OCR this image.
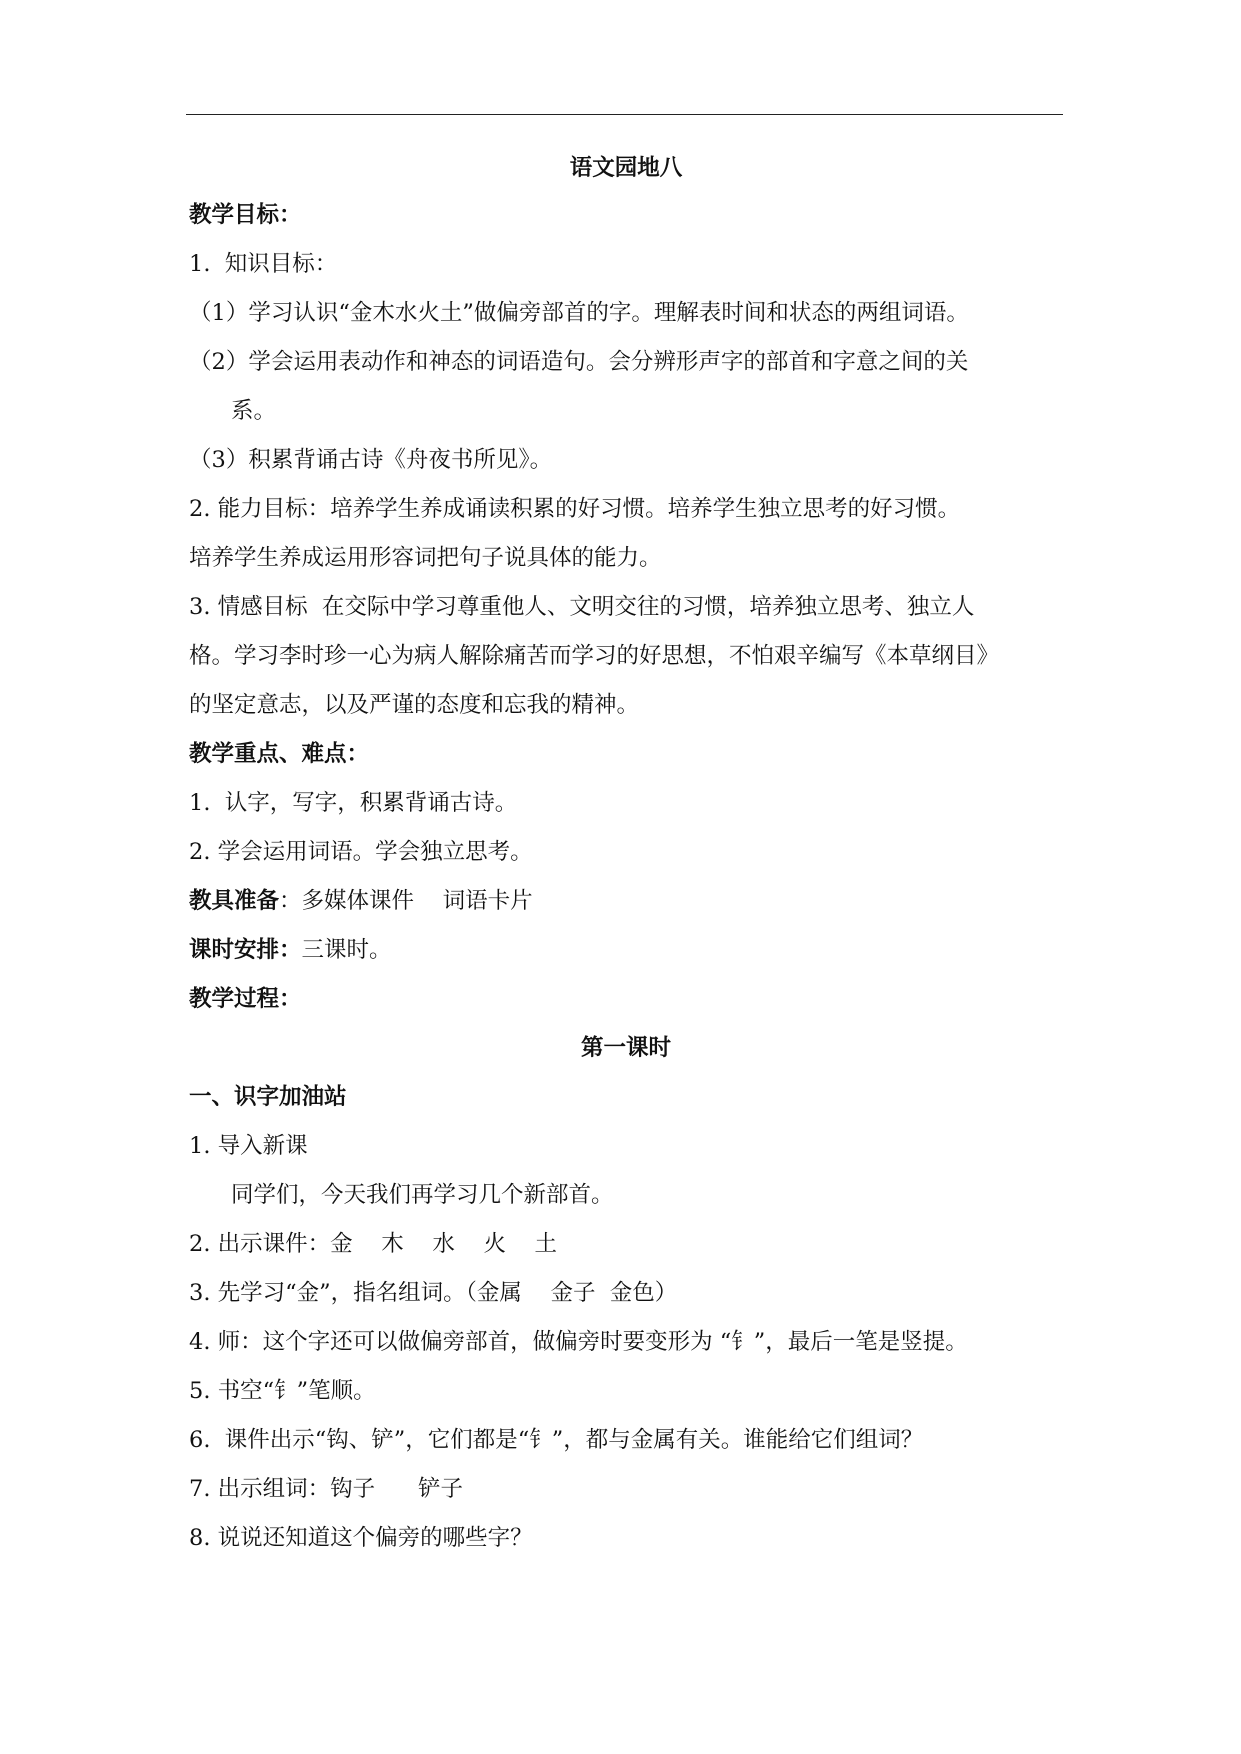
语文园地八
教学目标：
1.  知识目标：
（1）学习认识“金木水火土”做偏旁部首的字。理解表时间和状态的两组词语。
（2）学会运用表动作和神态的词语造句。会分辨形声字的部首和字意之间的关
系。
（3）积累背诵古诗《舟夜书所见》。
2. 能力目标：培养学生养成诵读积累的好习惯。培养学生独立思考的好习惯。
培养学生养成运用形容词把句子说具体的能力。
3. 情感目标  在交际中学习尊重他人、文明交往的习惯，培养独立思考、独立人
格。学习李时珍一心为病人解除痛苦而学习的好思想，不怕艰辛编写《本草纲目》
的坚定意志，以及严谨的态度和忘我的精神。
教学重点、难点：
1.  认字，写字，积累背诵古诗。
2. 学会运用词语。学会独立思考。
教具准备：多媒体课件    词语卡片
课时安排：三课时。
教学过程：
第一课时
一、识字加油站
1. 导入新课
同学们，今天我们再学习几个新部首。
2. 出示课件：金    木    水    火    土
3. 先学习“金”，指名组词。（金属    金子  金色）
4. 师：这个字还可以做偏旁部首，做偏旁时要变形为 “钅”，最后一笔是竖提。
5. 书空“钅”笔顺。
6.  课件出示“钩、铲”，它们都是“钅”，都与金属有关。谁能给它们组词？
7. 出示组词：钩子      铲子
8. 说说还知道这个偏旁的哪些字？
